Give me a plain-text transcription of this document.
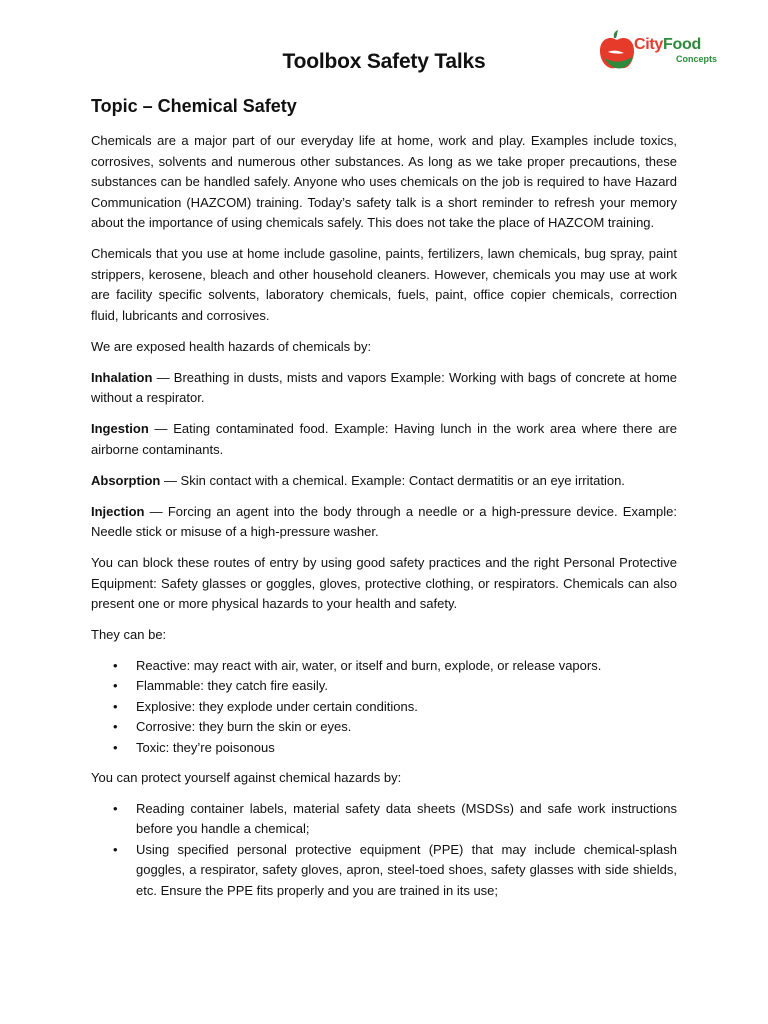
CityFood
Concepts
Toolbox Safety Talks
Topic – Chemical Safety

Chemicals are a major part of our everyday life at home, work and play. Examples include toxics, corrosives, solvents and numerous other substances. As long as we take proper precautions, these substances can be handled safely. Anyone who uses chemicals on the job is required to have Hazard Communication (HAZCOM) training. Today’s safety talk is a short reminder to refresh your memory about the importance of using chemicals safely. This does not take the place of HAZCOM training.

Chemicals that you use at home include gasoline, paints, fertilizers, lawn chemicals, bug spray, paint strippers, kerosene, bleach and other household cleaners. However, chemicals you may use at work are facility specific solvents, laboratory chemicals, fuels, paint, office copier chemicals, correction fluid, lubricants and corrosives.

We are exposed health hazards of chemicals by:

Inhalation — Breathing in dusts, mists and vapors Example: Working with bags of concrete at home without a respirator.

Ingestion — Eating contaminated food. Example: Having lunch in the work area where there are airborne contaminants.

Absorption — Skin contact with a chemical. Example: Contact dermatitis or an eye irritation.

Injection — Forcing an agent into the body through a needle or a high-pressure device. Example: Needle stick or misuse of a high-pressure washer.

You can block these routes of entry by using good safety practices and the right Personal Protective Equipment: Safety glasses or goggles, gloves, protective clothing, or respirators. Chemicals can also present one or more physical hazards to your health and safety.

They can be:

• Reactive: may react with air, water, or itself and burn, explode, or release vapors.
• Flammable: they catch fire easily.
• Explosive: they explode under certain conditions.
• Corrosive: they burn the skin or eyes.
• Toxic: they’re poisonous

You can protect yourself against chemical hazards by:

• Reading container labels, material safety data sheets (MSDSs) and safe work instructions before you handle a chemical;
• Using specified personal protective equipment (PPE) that may include chemical-splash goggles, a respirator, safety gloves, apron, steel-toed shoes, safety glasses with side shields, etc. Ensure the PPE fits properly and you are trained in its use;
